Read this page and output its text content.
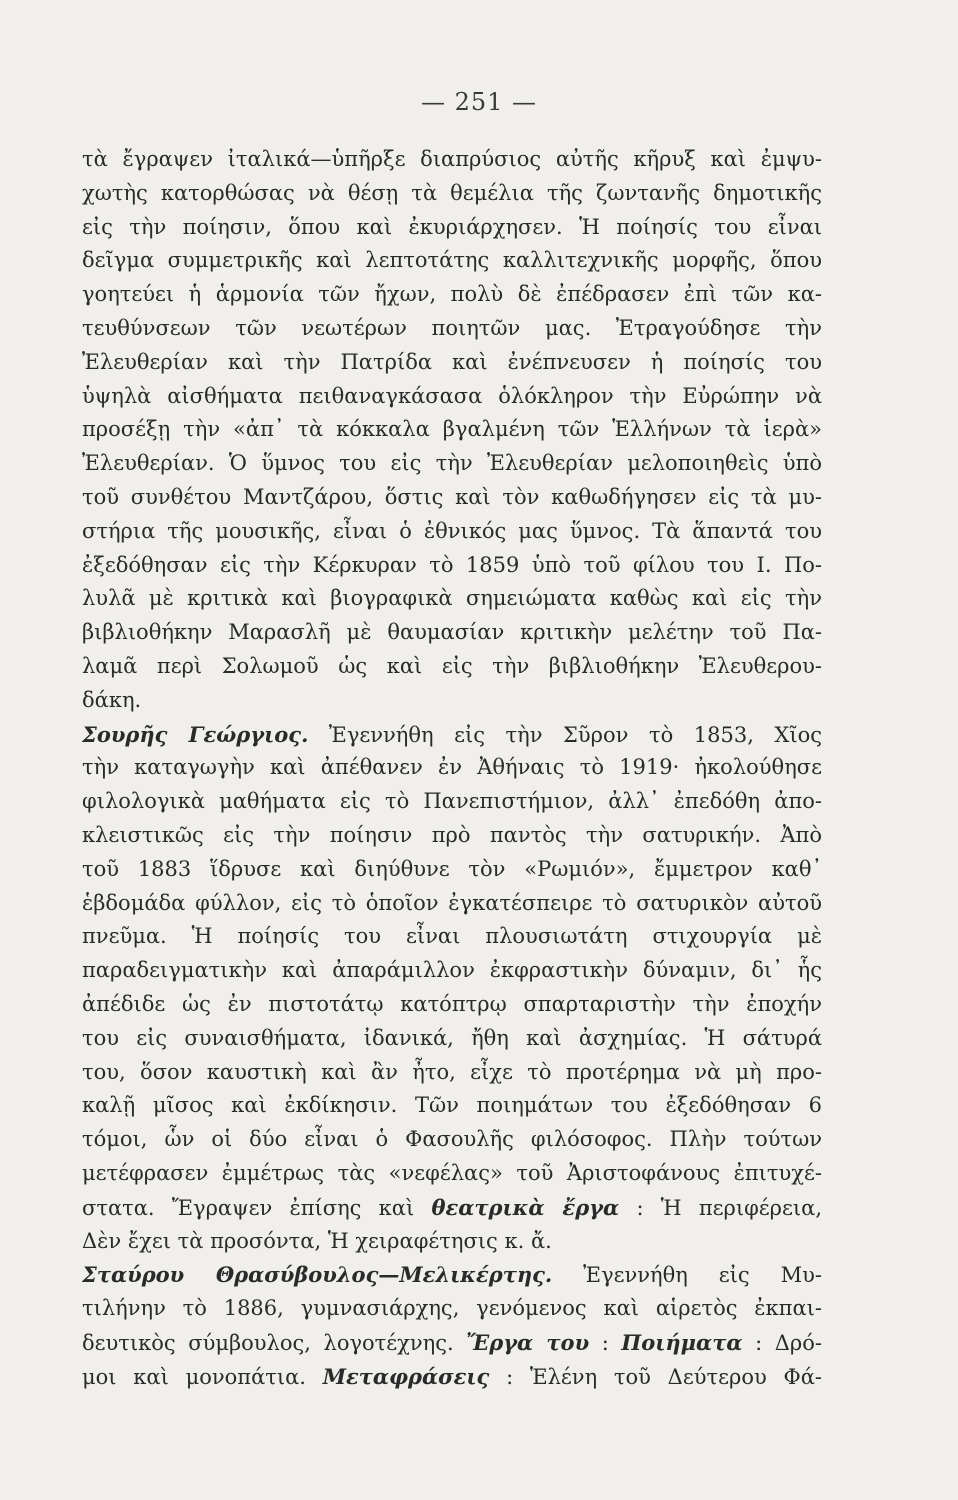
— 251 —
τὰ ἔγραψεν ἰταλικά—ὑπῆρξε διαπρύσιος αὐτῆς κῆρυξ καὶ ἐμψυ-
χωτὴς κατορθώσας νὰ θέσῃ τὰ θεμέλια τῆς ζωντανῆς δημοτικῆς
εἰς τὴν ποίησιν, ὅπου καὶ ἐκυριάρχησεν. Ἡ ποίησίς του εἶναι
δεῖγμα συμμετρικῆς καὶ λεπτοτάτης καλλιτεχνικῆς μορφῆς, ὅπου
γοητεύει ἡ ἁρμονία τῶν ἤχων, πολὺ δὲ ἐπέδρασεν ἐπὶ τῶν κα-
τευθύνσεων τῶν νεωτέρων ποιητῶν μας. Ἐτραγούδησε τὴν
Ἐλευθερίαν καὶ τὴν Πατρίδα καὶ ἐνέπνευσεν ἡ ποίησίς του
ὑψηλὰ αἰσθήματα πειθαναγκάσασα ὁλόκληρον τὴν Εὐρώπην νὰ
προσέξῃ τὴν «ἀπ᾿ τὰ κόκκαλα βγαλμένη τῶν Ἑλλήνων τὰ ἱερὰ»
Ἐλευθερίαν. Ὁ ὕμνος του εἰς τὴν Ἐλευθερίαν μελοποιηθεὶς ὑπὸ
τοῦ συνθέτου Μαντζάρου, ὅστις καὶ τὸν καθωδήγησεν εἰς τὰ μυ-
στήρια τῆς μουσικῆς, εἶναι ὁ ἐθνικός μας ὕμνος. Τὰ ἅπαντά του
ἐξεδόθησαν εἰς τὴν Κέρκυραν τὸ 1859 ὑπὸ τοῦ φίλου του Ι. Πο-
λυλᾶ μὲ κριτικὰ καὶ βιογραφικὰ σημειώματα καθὼς καὶ εἰς τὴν
βιβλιοθήκην Μαρασλῆ μὲ θαυμασίαν κριτικὴν μελέτην τοῦ Πα-
λαμᾶ περὶ Σολωμοῦ ὡς καὶ εἰς τὴν βιβλιοθήκην Ἐλευθερου-
δάκη.
Σουρῆς Γεώργιος. Ἐγεννήθη εἰς τὴν Σῦρον τὸ 1853, Χῖος
τὴν καταγωγὴν καὶ ἀπέθανεν ἐν Ἀθήναις τὸ 1919· ἠκολούθησε
φιλολογικὰ μαθήματα εἰς τὸ Πανεπιστήμιον, ἀλλ᾿ ἐπεδόθη ἀπο-
κλειστικῶς εἰς τὴν ποίησιν πρὸ παντὸς τὴν σατυρικήν. Ἀπὸ
τοῦ 1883 ἵδρυσε καὶ διηύθυνε τὸν «Ρωμιόν», ἔμμετρον καθ᾿
ἑβδομάδα φύλλον, εἰς τὸ ὁποῖον ἐγκατέσπειρε τὸ σατυρικὸν αὐτοῦ
πνεῦμα. Ἡ ποίησίς του εἶναι πλουσιωτάτη στιχουργία μὲ
παραδειγματικὴν καὶ ἀπαράμιλλον ἐκφραστικὴν δύναμιν, δι᾿ ἧς
ἀπέδιδε ὡς ἐν πιστοτάτῳ κατόπτρῳ σπαρταριστὴν τὴν ἐποχήν
του εἰς συναισθήματα, ἰδανικά, ἤθη καὶ ἀσχημίας. Ἡ σάτυρά
του, ὅσον καυστικὴ καὶ ἂν ἦτο, εἶχε τὸ προτέρημα νὰ μὴ προ-
καλῇ μῖσος καὶ ἐκδίκησιν. Τῶν ποιημάτων του ἐξεδόθησαν 6
τόμοι, ὧν οἱ δύο εἶναι ὁ Φασουλῆς φιλόσοφος. Πλὴν τούτων
μετέφρασεν ἐμμέτρως τὰς «νεφέλας» τοῦ Ἀριστοφάνους ἐπιτυχέ-
στατα. Ἔγραψεν ἐπίσης καὶ θεατρικὰ ἔργα : Ἡ περιφέρεια,
Δὲν ἔχει τὰ προσόντα, Ἡ χειραφέτησις κ. ἄ.
Σταύρου Θρασύβουλος—Μελικέρτης. Ἐγεννήθη εἰς Μυ-
τιλήνην τὸ 1886, γυμνασιάρχης, γενόμενος καὶ αἱρετὸς ἐκπαι-
δευτικὸς σύμβουλος, λογοτέχνης. Ἔργα του : Ποιήματα : Δρό-
μοι καὶ μονοπάτια. Μεταφράσεις : Ἑλένη τοῦ Δεύτερου Φά-
